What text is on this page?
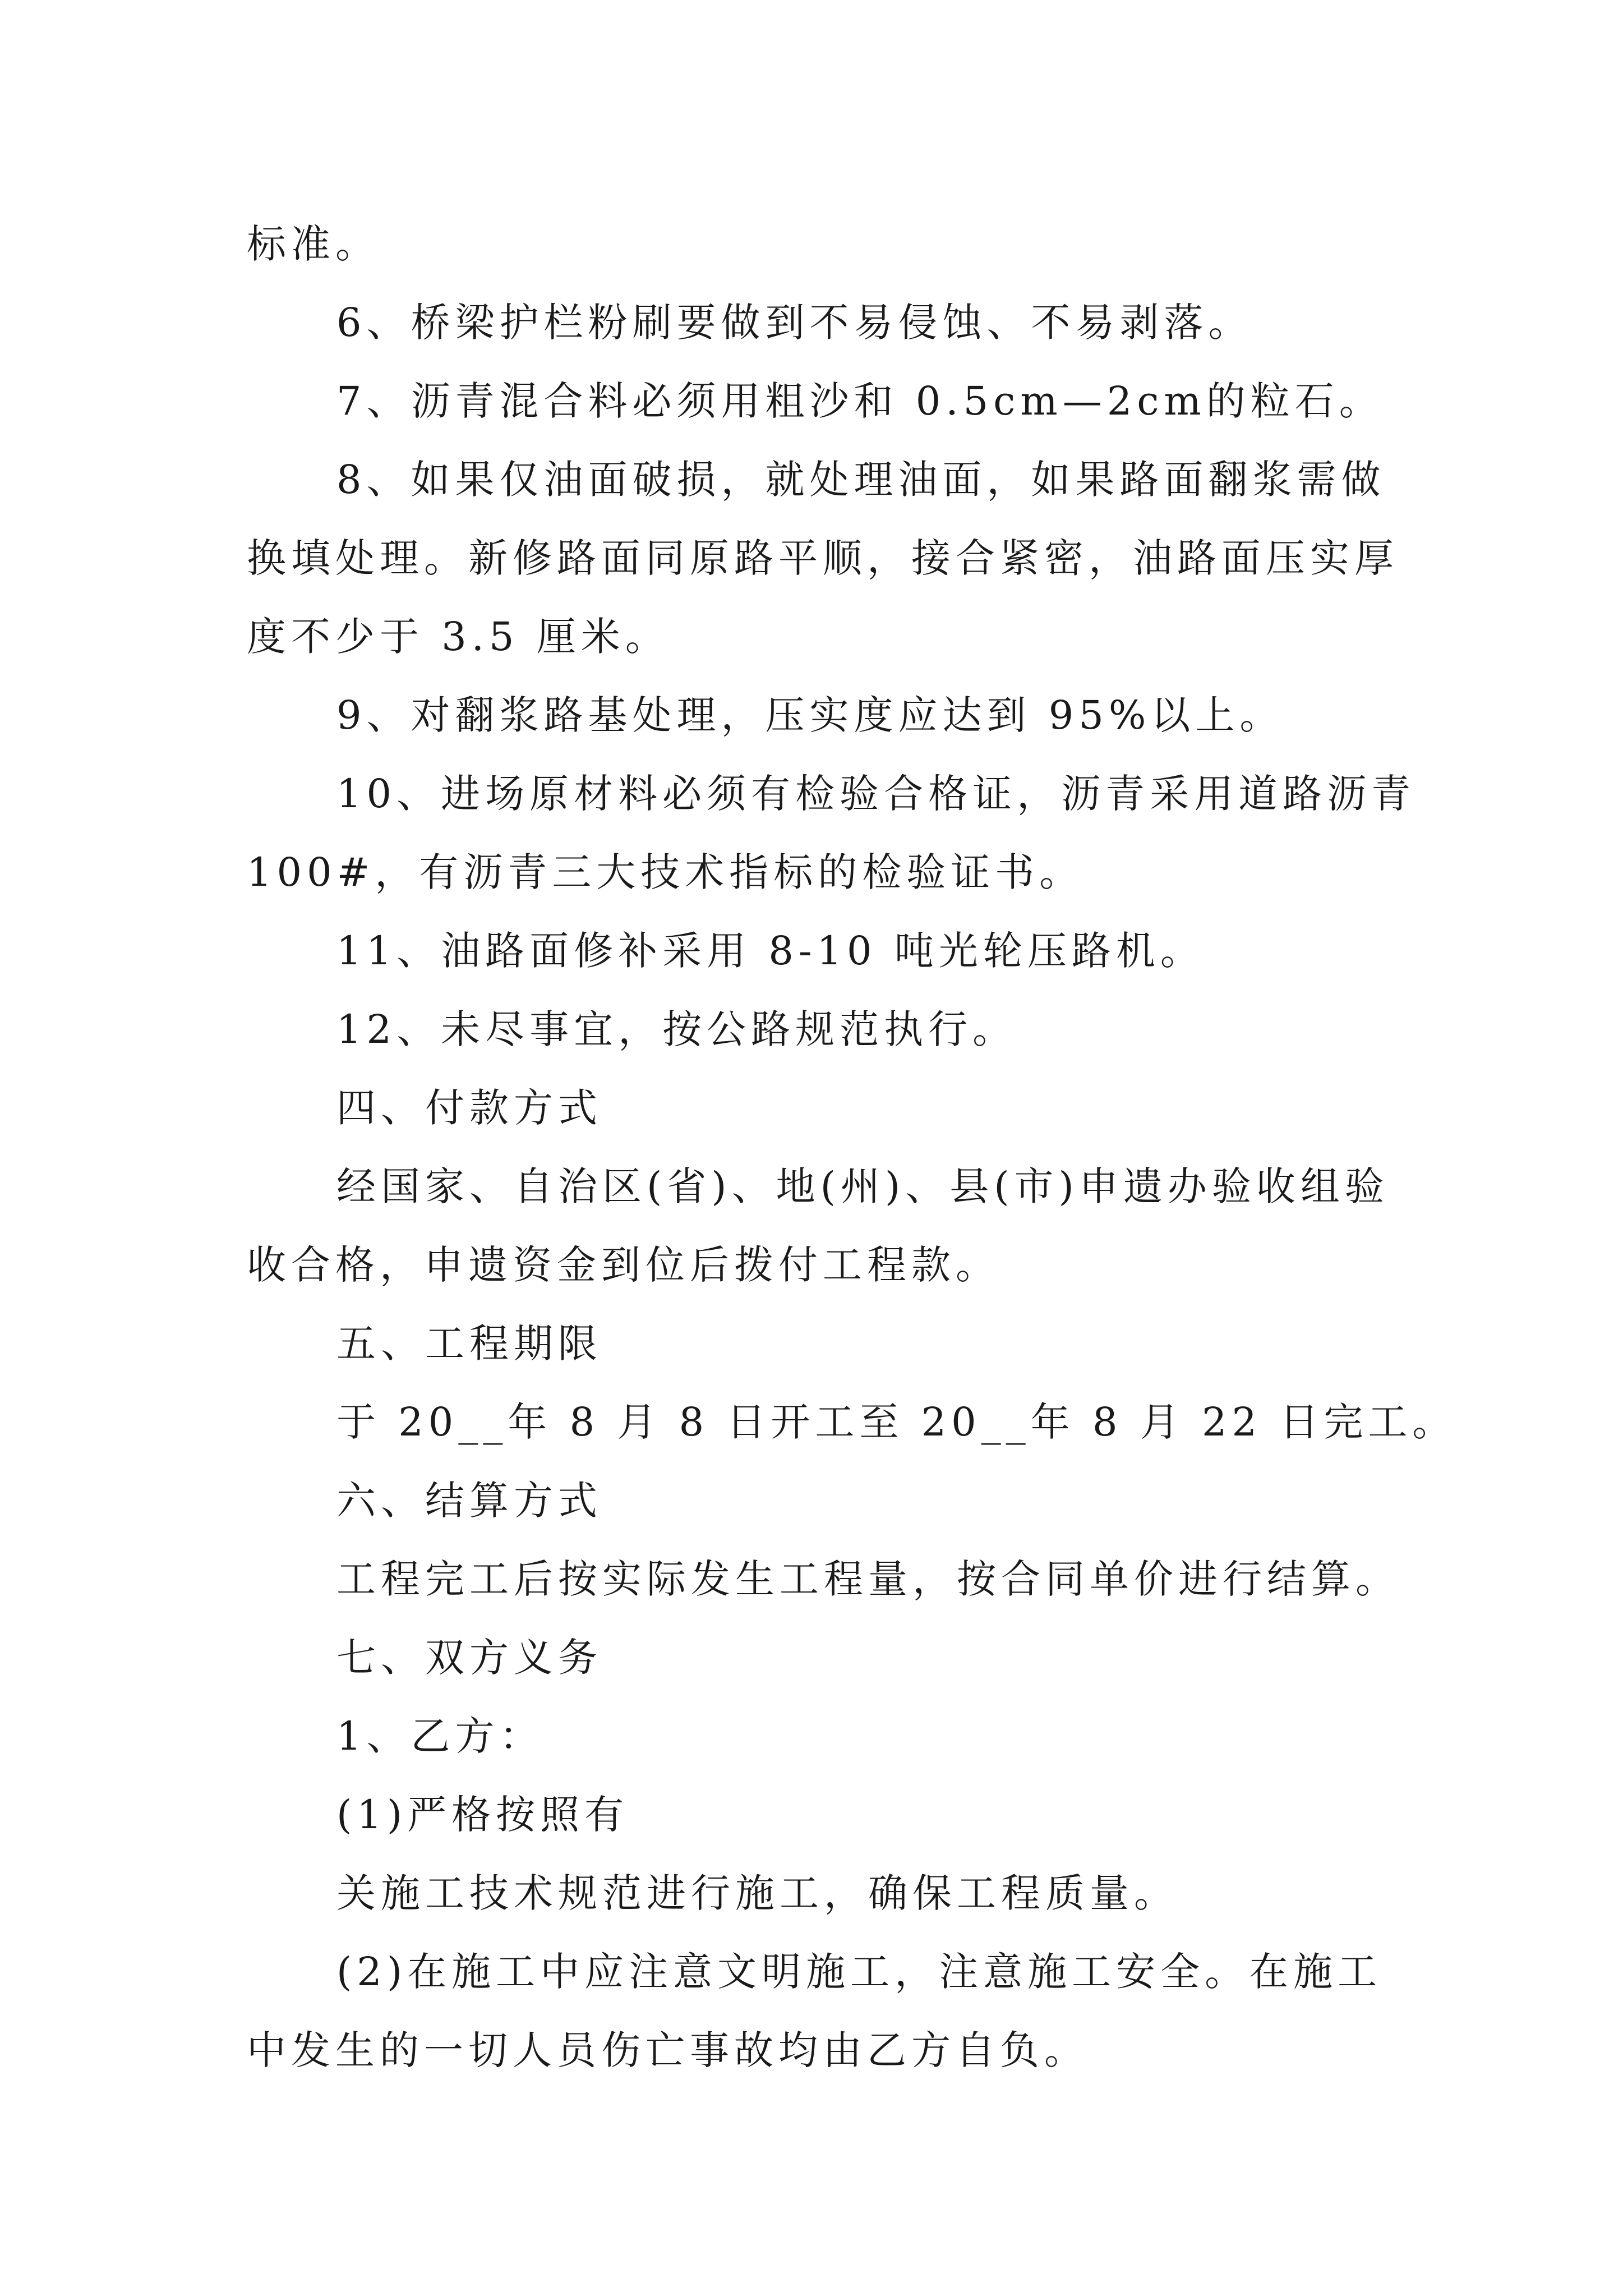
标准。
6、桥梁护栏粉刷要做到不易侵蚀、不易剥落。
7、沥青混合料必须用粗沙和 0.5cm—2cm的粒石。
8、如果仅油面破损，就处理油面，如果路面翻浆需做
换填处理。新修路面同原路平顺，接合紧密，油路面压实厚
度不少于 3.5 厘米。
9、对翻浆路基处理，压实度应达到 95%以上。
10、进场原材料必须有检验合格证，沥青采用道路沥青
100#，有沥青三大技术指标的检验证书。
11、油路面修补采用 8-10 吨光轮压路机。
12、未尽事宜，按公路规范执行。
四、付款方式
经国家、自治区(省)、地(州)、县(市)申遗办验收组验
收合格，申遗资金到位后拨付工程款。
五、工程期限
于 20__年 8 月 8 日开工至 20__年 8 月 22 日完工。
六、结算方式
工程完工后按实际发生工程量，按合同单价进行结算。
七、双方义务
1、乙方：
(1)严格按照有
关施工技术规范进行施工，确保工程质量。
(2)在施工中应注意文明施工，注意施工安全。在施工
中发生的一切人员伤亡事故均由乙方自负。
